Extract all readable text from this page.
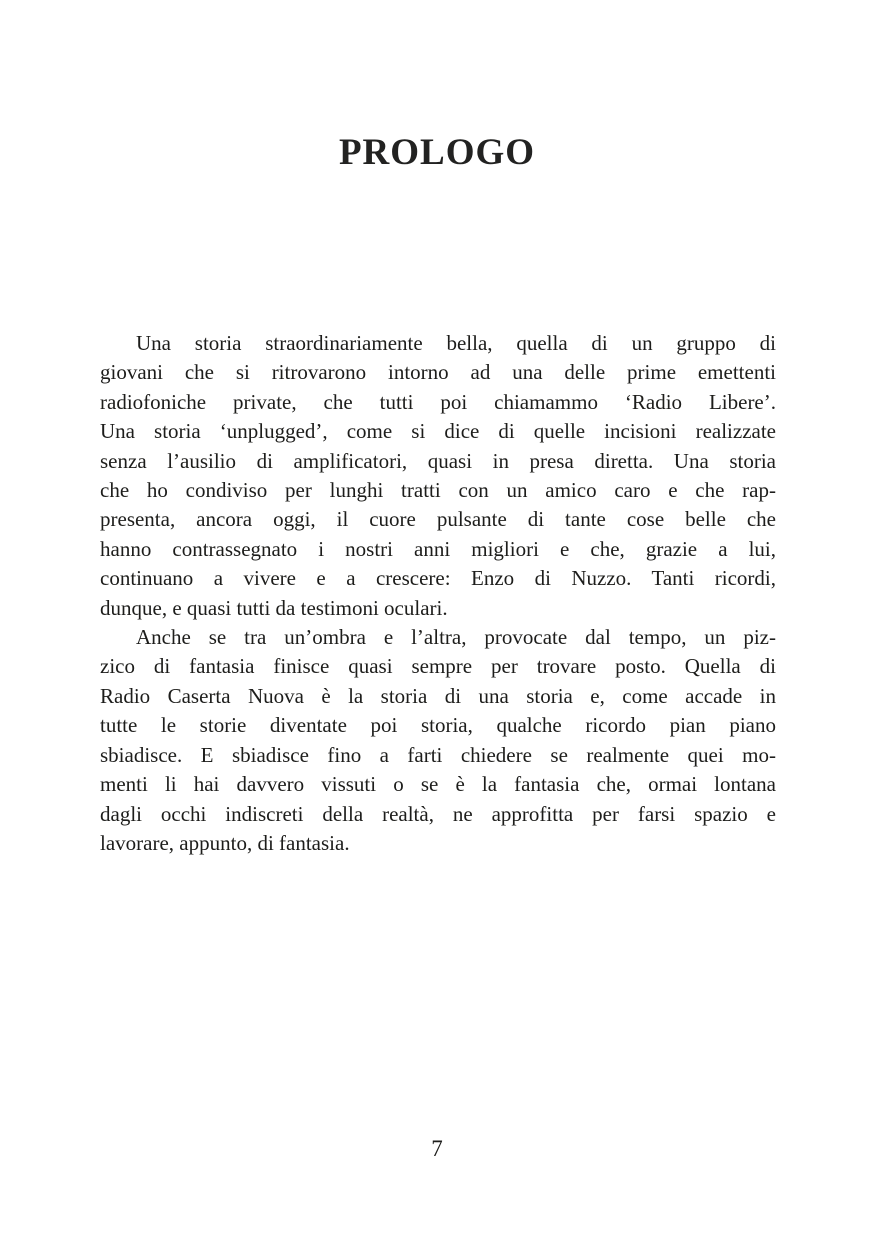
PROLOGO
Una storia straordinariamente bella, quella di un gruppo di
giovani che si ritrovarono intorno ad una delle prime emettenti
radiofoniche private, che tutti poi chiamammo ‘Radio Libere’.
Una storia ‘unplugged’, come si dice di quelle incisioni realizzate
senza l’ausilio di amplificatori, quasi in presa diretta. Una storia
che ho condiviso per lunghi tratti con un amico caro e che rap-
presenta, ancora oggi, il cuore pulsante di tante cose belle che
hanno contrassegnato i nostri anni migliori e che, grazie a lui,
continuano a vivere e a crescere: Enzo di Nuzzo. Tanti ricordi,
dunque, e quasi tutti da testimoni oculari.
Anche se tra un’ombra e l’altra, provocate dal tempo, un piz-
zico di fantasia finisce quasi sempre per trovare posto. Quella di
Radio Caserta Nuova è la storia di una storia e, come accade in
tutte le storie diventate poi storia, qualche ricordo pian piano
sbiadisce. E sbiadisce fino a farti chiedere se realmente quei mo-
menti li hai davvero vissuti o se è la fantasia che, ormai lontana
dagli occhi indiscreti della realtà, ne approfitta per farsi spazio e
lavorare, appunto, di fantasia.
7
